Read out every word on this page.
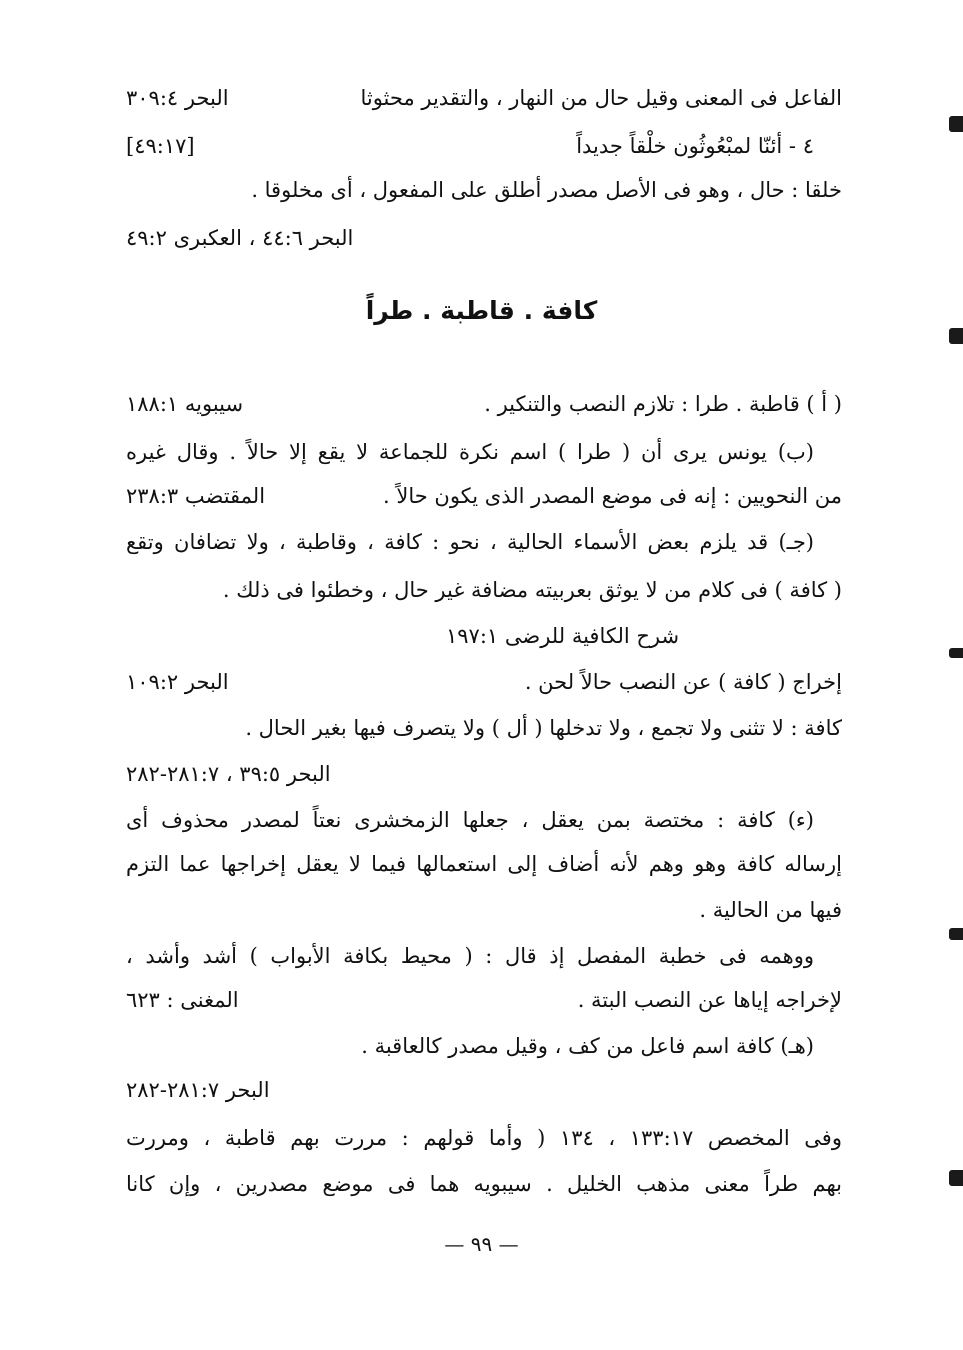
الفاعل فى المعنى وقيل حال من النهار ، والتقدير محثوثا
البحر ٣٠٩:٤
٤ - أئنّا لمبْعُوثُون خلْقاً جديداً
[٤٩:١٧]
خلقا : حال ، وهو فى الأصل مصدر أطلق على المفعول ، أى مخلوقا .
البحر ٤٤:٦ ، العكبرى ٤٩:٢
كافة . قاطبة . طراً
( أ ) قاطبة . طرا : تلازم النصب والتنكير .
سيبويه ١٨٨:١
(ب) يونس يرى أن ( طرا ) اسم نكرة للجماعة لا يقع إلا حالاً . وقال غيره
من النحويين : إنه فى موضع المصدر الذى يكون حالاً .
المقتضب ٢٣٨:٣
(جـ) قد يلزم بعض الأسماء الحالية ، نحو : كافة ، وقاطبة ، ولا تضافان وتقع
( كافة ) فى كلام من لا يوثق بعربيته مضافة غير حال ، وخطئوا فى ذلك .
شرح الكافية للرضى ١٩٧:١
إخراج ( كافة ) عن النصب حالاً لحن .
البحر ١٠٩:٢
كافة : لا تثنى ولا تجمع ، ولا تدخلها ( أل ) ولا يتصرف فيها بغير الحال .
البحر ٣٩:٥ ، ٢٨١:٧-٢٨٢
(ء) كافة : مختصة بمن يعقل ، جعلها الزمخشرى نعتاً لمصدر محذوف أى
إرساله كافة وهو وهم لأنه أضاف إلى استعمالها فيما لا يعقل إخراجها عما التزم
فيها من الحالية .
ووهمه فى خطبة المفصل إذ قال : ( محيط بكافة الأبواب ) أشد وأشد ،
لإخراجه إياها عن النصب البتة .
المغنى : ٦٢٣
(هـ) كافة اسم فاعل من كف ، وقيل مصدر كالعاقبة .
البحر ٢٨١:٧-٢٨٢
وفى المخصص ١٣٣:١٧ ، ١٣٤ ( وأما قولهم : مررت بهم قاطبة ، ومررت
بهم طراً معنى مذهب الخليل . سيبويه هما فى موضع مصدرين ، وإن كانا
— ٩٩ —
